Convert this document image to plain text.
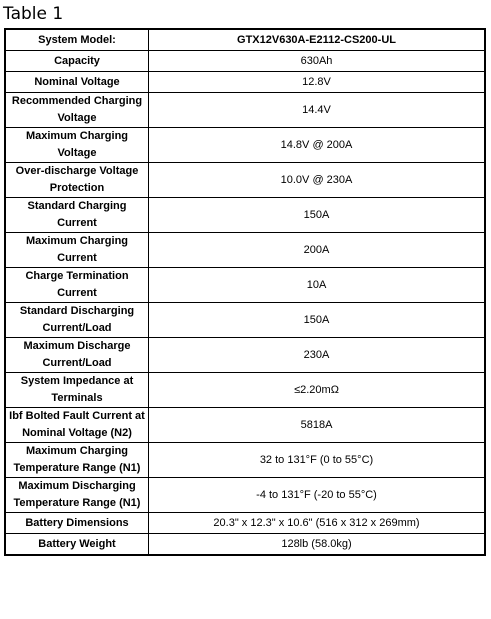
Table 1
System Model:	GTX12V630A-E2112-CS200-UL
Capacity	630Ah
Nominal Voltage	12.8V
Recommended Charging Voltage	14.4V
Maximum Charging Voltage	14.8V @ 200A
Over-discharge Voltage Protection	10.0V @ 230A
Standard Charging Current	150A
Maximum Charging Current	200A
Charge Termination Current	10A
Standard Discharging Current/Load	150A
Maximum Discharge Current/Load	230A
System Impedance at Terminals	≤2.20mΩ
Ibf Bolted Fault Current at Nominal Voltage (N2)	5818A
Maximum Charging Temperature Range (N1)	32 to 131°F (0 to 55°C)
Maximum Discharging Temperature Range (N1)	-4 to 131°F (-20 to 55°C)
Battery Dimensions	20.3" x 12.3" x 10.6" (516 x 312 x 269mm)
Battery Weight	128lb (58.0kg)
